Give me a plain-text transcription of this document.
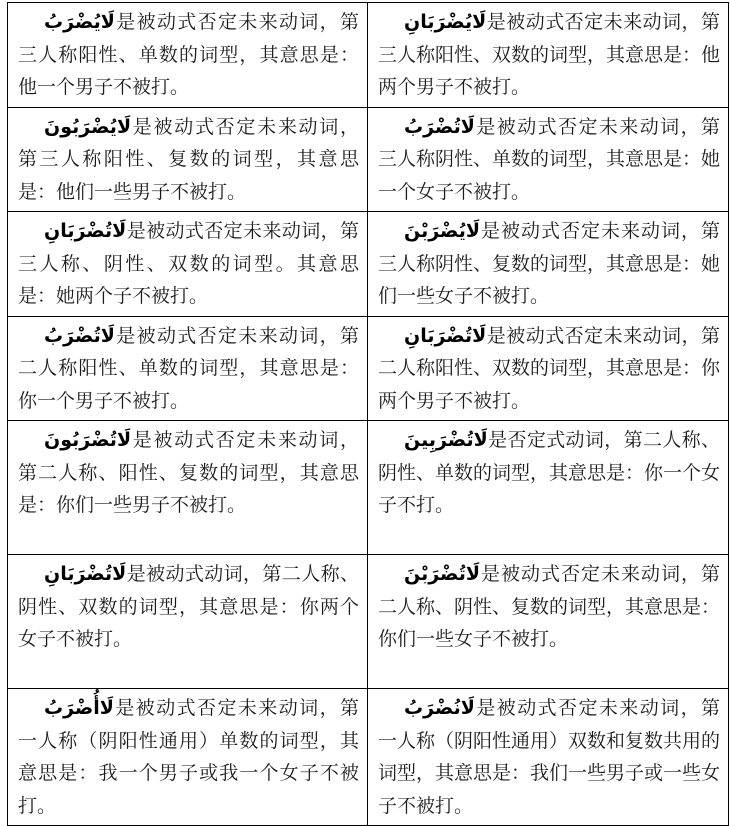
لَايُضْرَبُ是被动式否定未来动词，第三人称阳性、单数的词型，其意思是：他一个男子不被打。	لَايُضْرَبَانِ是被动式否定未来动词，第三人称阳性、双数的词型，其意思是：他两个男子不被打。
لَايُضْرَبُونَ是被动式否定未来动词，第三人称阳性、复数的词型，其意思是：他们一些男子不被打。	لَاتُضْرَبُ是被动式否定未来动词，第三人称阴性、单数的词型，其意思是：她一个女子不被打。
لَاتُضْرَبَانِ是被动式否定未来动词，第三人称、阴性、双数的词型。其意思是：她两个子不被打。	لَايُضْرَبْنَ是被动式否定未来动词，第三人称阴性、复数的词型，其意思是：她们一些女子不被打。
لَاتُضْرَبُ是被动式否定未来动词，第二人称阳性、单数的词型，其意思是：你一个男子不被打。	لَاتُضْرَبَانِ是被动式否定未来动词，第二人称阳性、双数的词型，其意思是：你两个男子不被打。
لَاتُضْرَبُونَ是被动式否定未来动词，第二人称、阳性、复数的词型，其意思是：你们一些男子不被打。	لَاتُضْرَبِينَ是否定式动词，第二人称、阴性、单数的词型，其意思是：你一个女子不打。
لَاتُضْرَبَانِ是被动式动词，第二人称、阴性、双数的词型，其意思是：你两个女子不被打。	لَاتُضْرَبْنَ是被动式否定未来动词，第二人称、阴性、复数的词型，其意思是：你们一些女子不被打。
لَاأُضْرَبُ是被动式否定未来动词，第一人称（阴阳性通用）单数的词型，其意思是：我一个男子或我一个女子不被打。	لَانُضْرَبُ是被动式否定未来动词，第一人称（阴阳性通用）双数和复数共用的词型，其意思是：我们一些男子或一些女子不被打。
